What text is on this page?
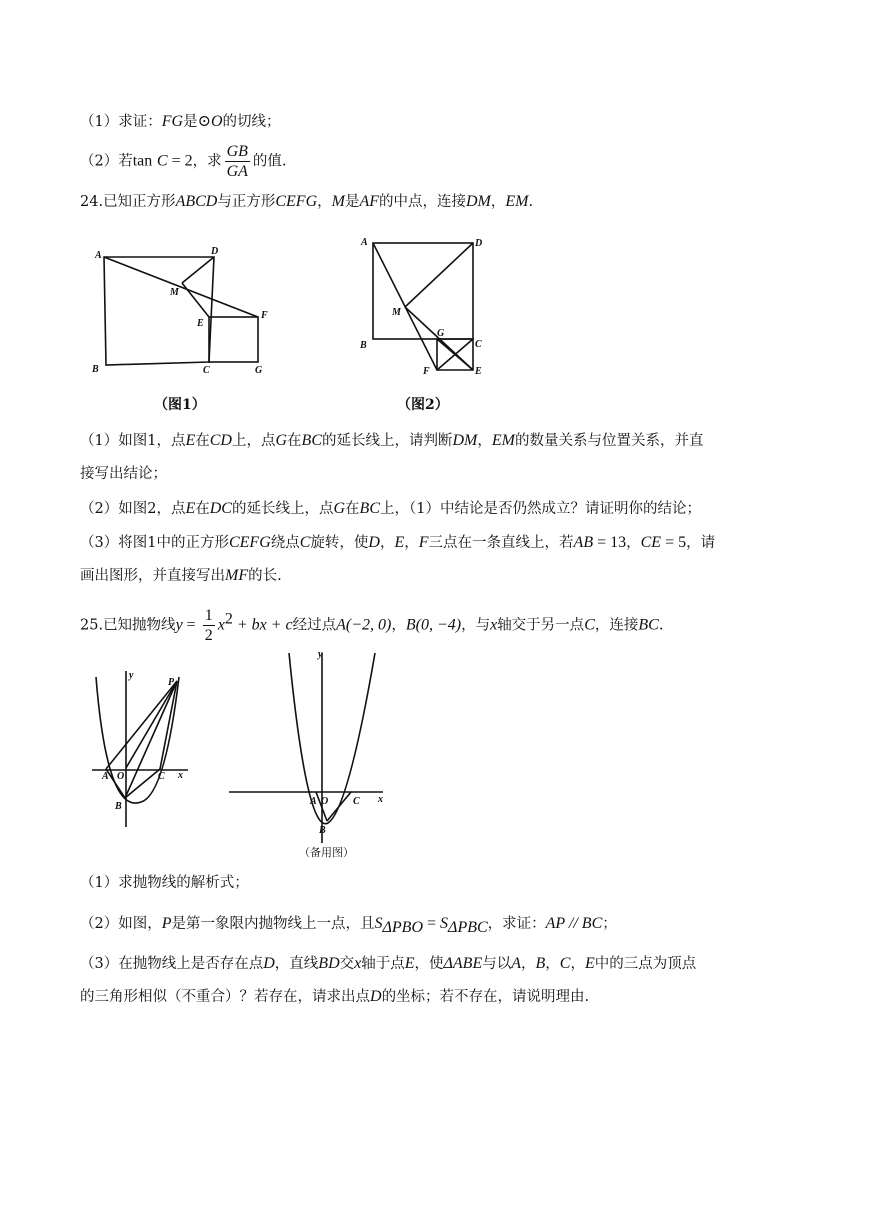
（1）求证：FG是⊙O的切线；
（2）若tan C = 2，求 $\frac{GB}{GA}$ 的值.
24.已知正方形ABCD与正方形CEFG，M是AF的中点，连接DM，EM.
A	D
M
E
F
B	C	G
（图1）
A	D
M
G
C
B
F	E
（图2）
（1）如图1，点E在CD上，点G在BC的延长线上，请判断DM，EM的数量关系与位置关系，并直
接写出结论；
（2）如图2，点E在DC的延长线上，点G在BC上，（1）中结论是否仍然成立？请证明你的结论；
（3）将图1中的正方形CEFG绕点C旋转，使D，E，F三点在一条直线上，若AB = 13，CE = 5，请
画出图形，并直接写出MF的长.
25.已知抛物线$y = \frac{1}{2} x^2$ + bx + c经过点A(−2, 0)，B(0, −4)，与x轴交于另一点C，连接BC.
y
P
A O	C x
B
y
A O C x
B
（备用图）
（1）求抛物线的解析式；
（2）如图，P是第一象限内抛物线上一点，且$S_{\Delta PBO} = S_{\Delta PBC}$，求证：AP // BC；
（3）在抛物线上是否存在点D，直线BD交x轴于点E，使ΔABE与以A，B，C，E中的三点为顶点
的三角形相似（不重合）？若存在，请求出点D的坐标；若不存在，请说明理由.
